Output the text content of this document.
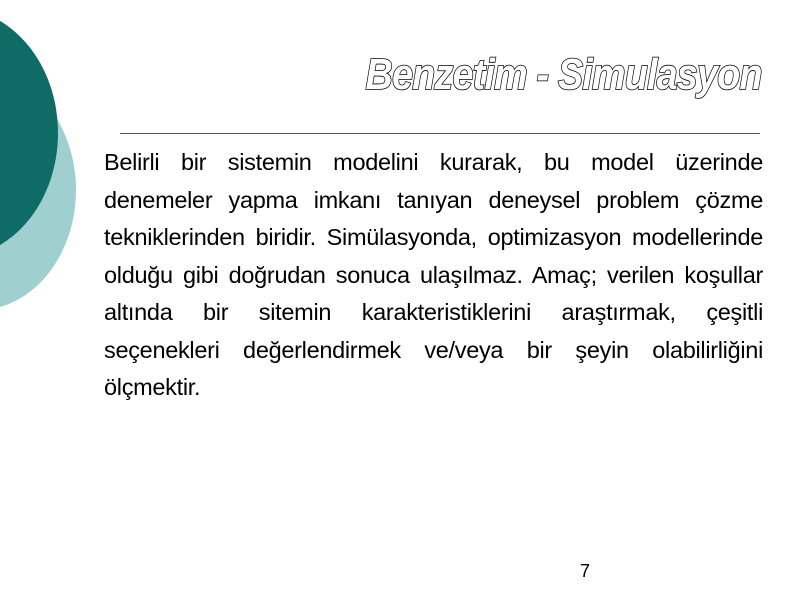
Benzetim - Simulasyon

Belirli bir sistemin modelini kurarak, bu model üzerinde denemeler yapma imkanı tanıyan deneysel problem çözme tekniklerinden biridir. Simülasyonda, optimizasyon modellerinde olduğu gibi doğrudan sonuca ulaşılmaz. Amaç; verilen koşullar altında bir sitemin karakteristiklerini araştırmak, çeşitli seçenekleri değerlendirmek ve/veya bir şeyin olabilirliğini ölçmektir.

7
